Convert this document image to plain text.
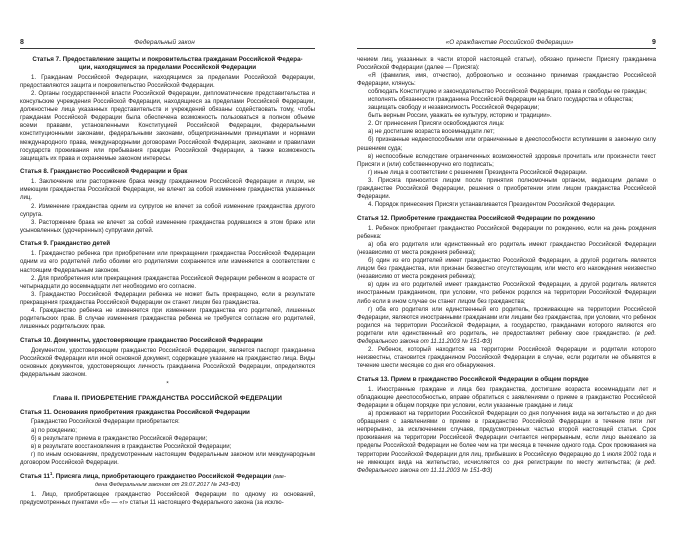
8	Федеральный закон
Статья 7. Предоставление защиты и покровительства гражданам Российской Федера-
ции, находящимся за пределами Российской Федерации

1. Гражданам Российской Федерации, находящимся за пределами Российской Федерации, предоставляются защита и покровительство Российской Федерации.

2. Органы государственной власти Российской Федерации, дипломатические представительства и консульские учреждения Российской Федерации, находящиеся за пределами Российской Федерации, должностные лица указанных представительств и учреждений обязаны содействовать тому, чтобы гражданам Российской Федерации была обеспечена возможность пользоваться в полном объеме всеми правами, установленными Конституцией Российской Федерации, федеральными конституционными законами, федеральными законами, общепризнанными принципами и нормами международного права, международными договорами Российской Федерации, законами и правилами государств проживания или пребывания граждан Российской Федерации, а также возможность защищать их права и охраняемые законом интересы.

Статья 8. Гражданство Российской Федерации и брак

1. Заключение или расторжение брака между гражданином Российской Федерации и лицом, не имеющим гражданства Российской Федерации, не влечет за собой изменение гражданства указанных лиц.

2. Изменение гражданства одним из супругов не влечет за собой изменение гражданства другого супруга.

3. Расторжение брака не влечет за собой изменение гражданства родившихся в этом браке или усыновленных (удочеренных) супругами детей.

Статья 9. Гражданство детей

1. Гражданство ребенка при приобретении или прекращении гражданства Российской Федерации одним из его родителей либо обоими его родителями сохраняется или изменяется в соответствии с настоящим Федеральным законом.

2. Для приобретения или прекращения гражданства Российской Федерации ребенком в возрасте от четырнадцати до восемнадцати лет необходимо его согласие.

3. Гражданство Российской Федерации ребенка не может быть прекращено, если в результате прекращения гражданства Российской Федерации он станет лицом без гражданства.

4. Гражданство ребенка не изменяется при изменении гражданства его родителей, лишенных родительских прав. В случае изменения гражданства ребенка не требуется согласие его родителей, лишенных родительских прав.

Статья 10. Документы, удостоверяющие гражданство Российской Федерации

Документом, удостоверяющим гражданство Российской Федерации, является паспорт гражданина Российской Федерации или иной основной документ, содержащие указание на гражданство лица. Виды основных документов, удостоверяющих личность гражданина Российской Федерации, определяются федеральным законом.

٭
Глава II. ПРИОБРЕТЕНИЕ ГРАЖДАНСТВА РОССИЙСКОЙ ФЕДЕРАЦИИ
Статья 11. Основания приобретения гражданства Российской Федерации

Гражданство Российской Федерации приобретается:

а) по рождению;

б) в результате приема в гражданство Российской Федерации;

в) в результате восстановления в гражданстве Российской Федерации;

г) по иным основаниям, предусмотренным настоящим Федеральным законом или международным договором Российской Федерации.

Статья $11^1$. Присяга лица, приобретающего гражданство Российской Федерации (вве-
дена Федеральным законом от 29.07.2017 № 243-ФЗ)

1. Лицо, приобретающее гражданство Российской Федерации по одному из оснований, предусмотренных пунктами «б» — «г» статьи 11 настоящего Федерального закона (за исклю-

«О гражданстве Российской Федерации»	9

чением лиц, указанных в части второй настоящей статьи), обязано принести Присягу гражданина Российской Федерации (далее — Присяга):

«Я (фамилия, имя, отчество), добровольно и осознанно принимая гражданство Российской Федерации, клянусь:

соблюдать Конституцию и законодательство Российской Федерации, права и свободы ее граждан;

исполнять обязанности гражданина Российской Федерации на благо государства и общества;

защищать свободу и независимость Российской Федерации;

быть верным России, уважать ее культуру, историю и традиции».

2. От принесения Присяги освобождаются лица:

а) не достигшие возраста восемнадцати лет;

б) признанные недееспособными или ограниченные в дееспособности вступившим в законную силу решением суда;

в) неспособные вследствие ограниченных возможностей здоровья прочитать или произнести текст Присяги и (или) собственноручно его подписать;

г) иные лица в соответствии с решением Президента Российской Федерации.

3. Присяга приносится лицом после принятия полномочным органом, ведающим делами о гражданстве Российской Федерации, решения о приобретении этим лицом гражданства Российской Федерации.

4. Порядок принесения Присяги устанавливается Президентом Российской Федерации.

Статья 12. Приобретение гражданства Российской Федерации по рождению

1. Ребенок приобретает гражданство Российской Федерации по рождению, если на день рождения ребенка:

а) оба его родителя или единственный его родитель имеют гражданство Российской Федерации (независимо от места рождения ребенка);

б) один из его родителей имеет гражданство Российской Федерации, а другой родитель является лицом без гражданства, или признан безвестно отсутствующим, или место его нахождения неизвестно (независимо от места рождения ребенка);

в) один из его родителей имеет гражданство Российской Федерации, а другой родитель является иностранным гражданином, при условии, что ребенок родился на территории Российской Федерации либо если в ином случае он станет лицом без гражданства;

г) оба его родителя или единственный его родитель, проживающие на территории Российской Федерации, являются иностранными гражданами или лицами без гражданства, при условии, что ребенок родился на территории Российской Федерации, а государство, гражданами которого являются его родители или единственный его родитель, не предоставляет ребенку свое гражданство. (в ред. Федерального закона от 11.11.2003 № 151-ФЗ)

2. Ребенок, который находится на территории Российской Федерации и родители которого неизвестны, становится гражданином Российской Федерации в случае, если родители не объявятся в течение шести месяцев со дня его обнаружения.

Статья 13. Прием в гражданство Российской Федерации в общем порядке

1. Иностранные граждане и лица без гражданства, достигшие возраста восемнадцати лет и обладающие дееспособностью, вправе обратиться с заявлениями о приеме в гражданство Российской Федерации в общем порядке при условии, если указанные граждане и лица:

а) проживают на территории Российской Федерации со дня получения вида на жительство и до дня обращения с заявлениями о приеме в гражданство Российской Федерации в течение пяти лет непрерывно, за исключением случаев, предусмотренных частью второй настоящей статьи. Срок проживания на территории Российской Федерации считается непрерывным, если лицо выезжало за пределы Российской Федерации не более чем на три месяца в течение одного года. Срок проживания на территории Российской Федерации для лиц, прибывших в Российскую Федерацию до 1 июля 2002 года и не имеющих вида на жительство, исчисляется со дня регистрации по месту жительства; (в ред. Федерального закона от 11.11.2003 № 151-ФЗ)
